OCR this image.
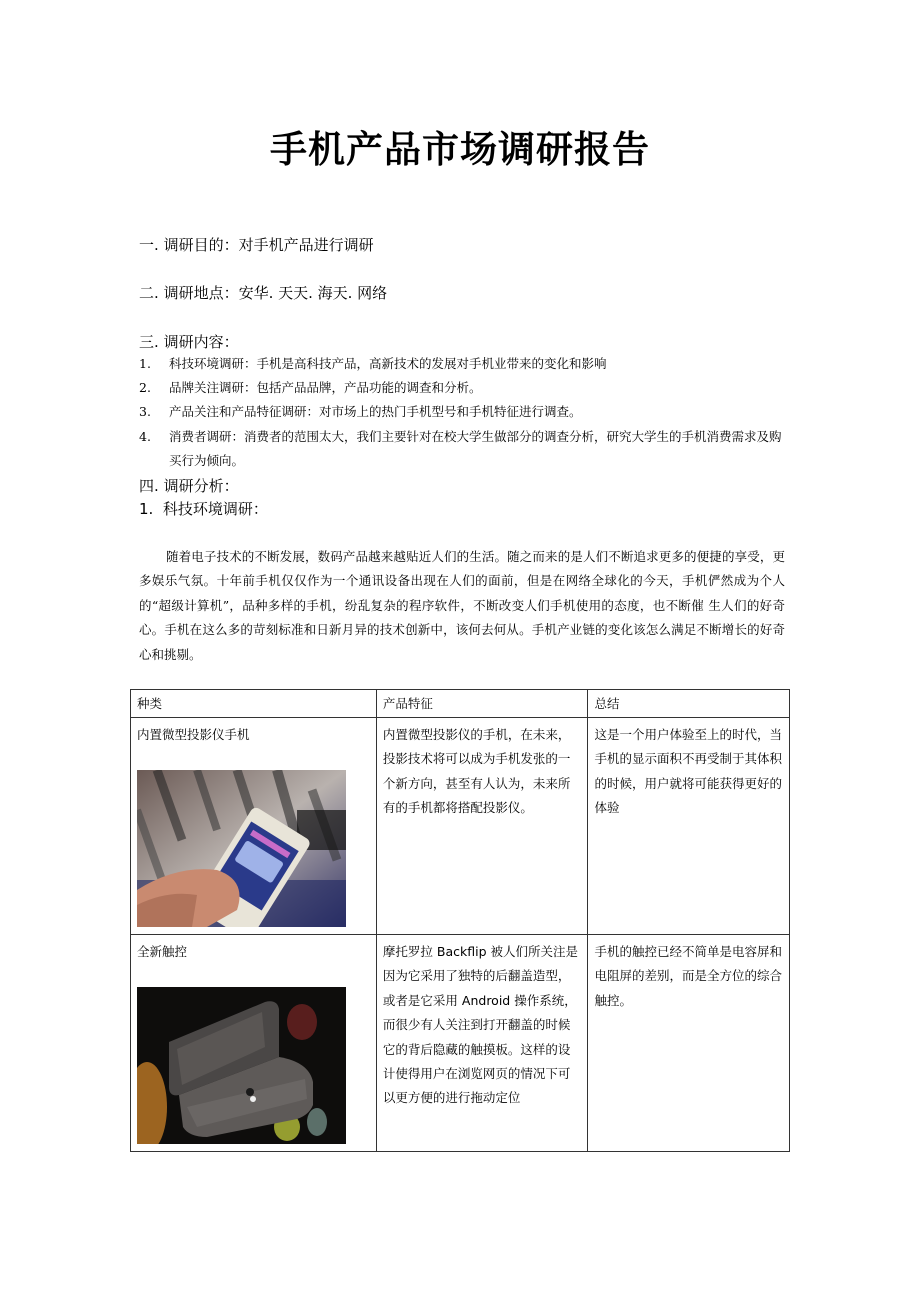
手机产品市场调研报告
一. 调研目的：对手机产品进行调研
二. 调研地点：安华. 天天. 海天. 网络
三. 调研内容：
1. 科技环境调研：手机是高科技产品，高新技术的发展对手机业带来的变化和影响
2. 品牌关注调研：包括产品品牌，产品功能的调查和分析。
3. 产品关注和产品特征调研：对市场上的热门手机型号和手机特征进行调查。
4. 消费者调研：消费者的范围太大，我们主要针对在校大学生做部分的调查分析，研究大学生的手机消费需求及购买行为倾向。
四. 调研分析：
1. 科技环境调研：
随着电子技术的不断发展，数码产品越来越贴近人们的生活。随之而来的是人们不断追求更多的便捷的享受，更多娱乐气氛。十年前手机仅仅作为一个通讯设备出现在人们的面前，但是在网络全球化的今天，手机俨然成为个人的“超级计算机”，品种多样的手机，纷乱复杂的程序软件，不断改变人们手机使用的态度，也不断催 生人们的好奇心。手机在这么多的苛刻标准和日新月异的技术创新中，该何去何从。手机产业链的变化该怎么满足不断增长的好奇心和挑剔。
种类	产品特征	总结
内置微型投影仪手机	内置微型投影仪的手机，在未来，投影技术将可以成为手机发张的一个新方向，甚至有人认为，未来所有的手机都将搭配投影仪。	这是一个用户体验至上的时代，当手机的显示面积不再受制于其体积的时候，用户就将可能获得更好的体验
全新触控	摩托罗拉 Backflip 被人们所关注是因为它采用了独特的后翻盖造型，或者是它采用 Android 操作系统，而很少有人关注到打开翻盖的时候它的背后隐藏的触摸板。这样的设计使得用户在浏览网页的情况下可以更方便的进行拖动定位	手机的触控已经不简单是电容屏和电阻屏的差别，而是全方位的综合触控。
